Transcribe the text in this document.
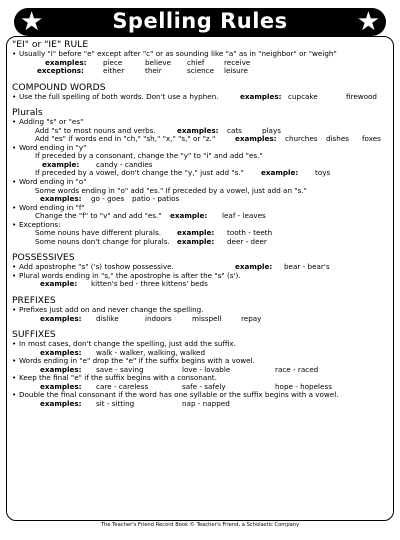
★	Spelling Rules	★
"EI" or "IE" RULE
• Usually "i" before "e" except after "c" or as sounding like "a" as in "neighbor" or "weigh"
examples: piece	believe chief	receive

exceptions:	either	their	science leisure

COMPOUND WORDS
• Use the full spelling of both words. Don't use a hyphen.	examples: cupcake	firewood
Plurals
• Adding "s" or "es"
Add "s" to most nouns and verbs.	examples: cats	plays
Add "es" if words end in "ch," "sh," "x," "s," or "z."	examples: churches dishes foxes
• Word ending in "y"
If preceded by a consonant, change the "y" to "i" and add "es."
example: candy - candies

If preceded by a vowel, don't change the "y," just add "s." example: toys
• Word ending in "o"
Some words ending in "o" add "es." If preceded by a vowel, just add an "s."
examples: go - goes patio - patios

• Word ending in "f"
Change the "f" to "v" and add "es." example: leaf - leaves
• Exceptions:
Some nouns have different plurals. example: tooth - teeth
Some nouns don't change for plurals. example: deer - deer
POSSESSIVES
• Add apostrophe "s" ('s) toshow possessive.	example: bear - bear's
• Plural words ending in "s," the apostrophe is after the "s" (s').
example: kitten's bed - three kittens' beds

PREFIXES
• Prefixes just add on and never change the spelling.
examples: dislike	indoors	misspell	repay

SUFFIXES
• In most cases, don't change the spelling, just add the suffix.
examples: walk - walker, walking, walked

• Words ending in "e" drop the "e" if the suffix begins with a vowel.
examples: save - saving	love - lovable	race - raced

• Keep the final "e" if the suffix begins with a consonant.
examples: care - careless	safe - safely	hope - hopeless

• Double the final consonant if the word has one syllable or the suffix begins with a vowel.
examples: sit - sitting	nap - napped

The Teacher's Friend Record Book © Teacher's Friend, a Scholastic Company
